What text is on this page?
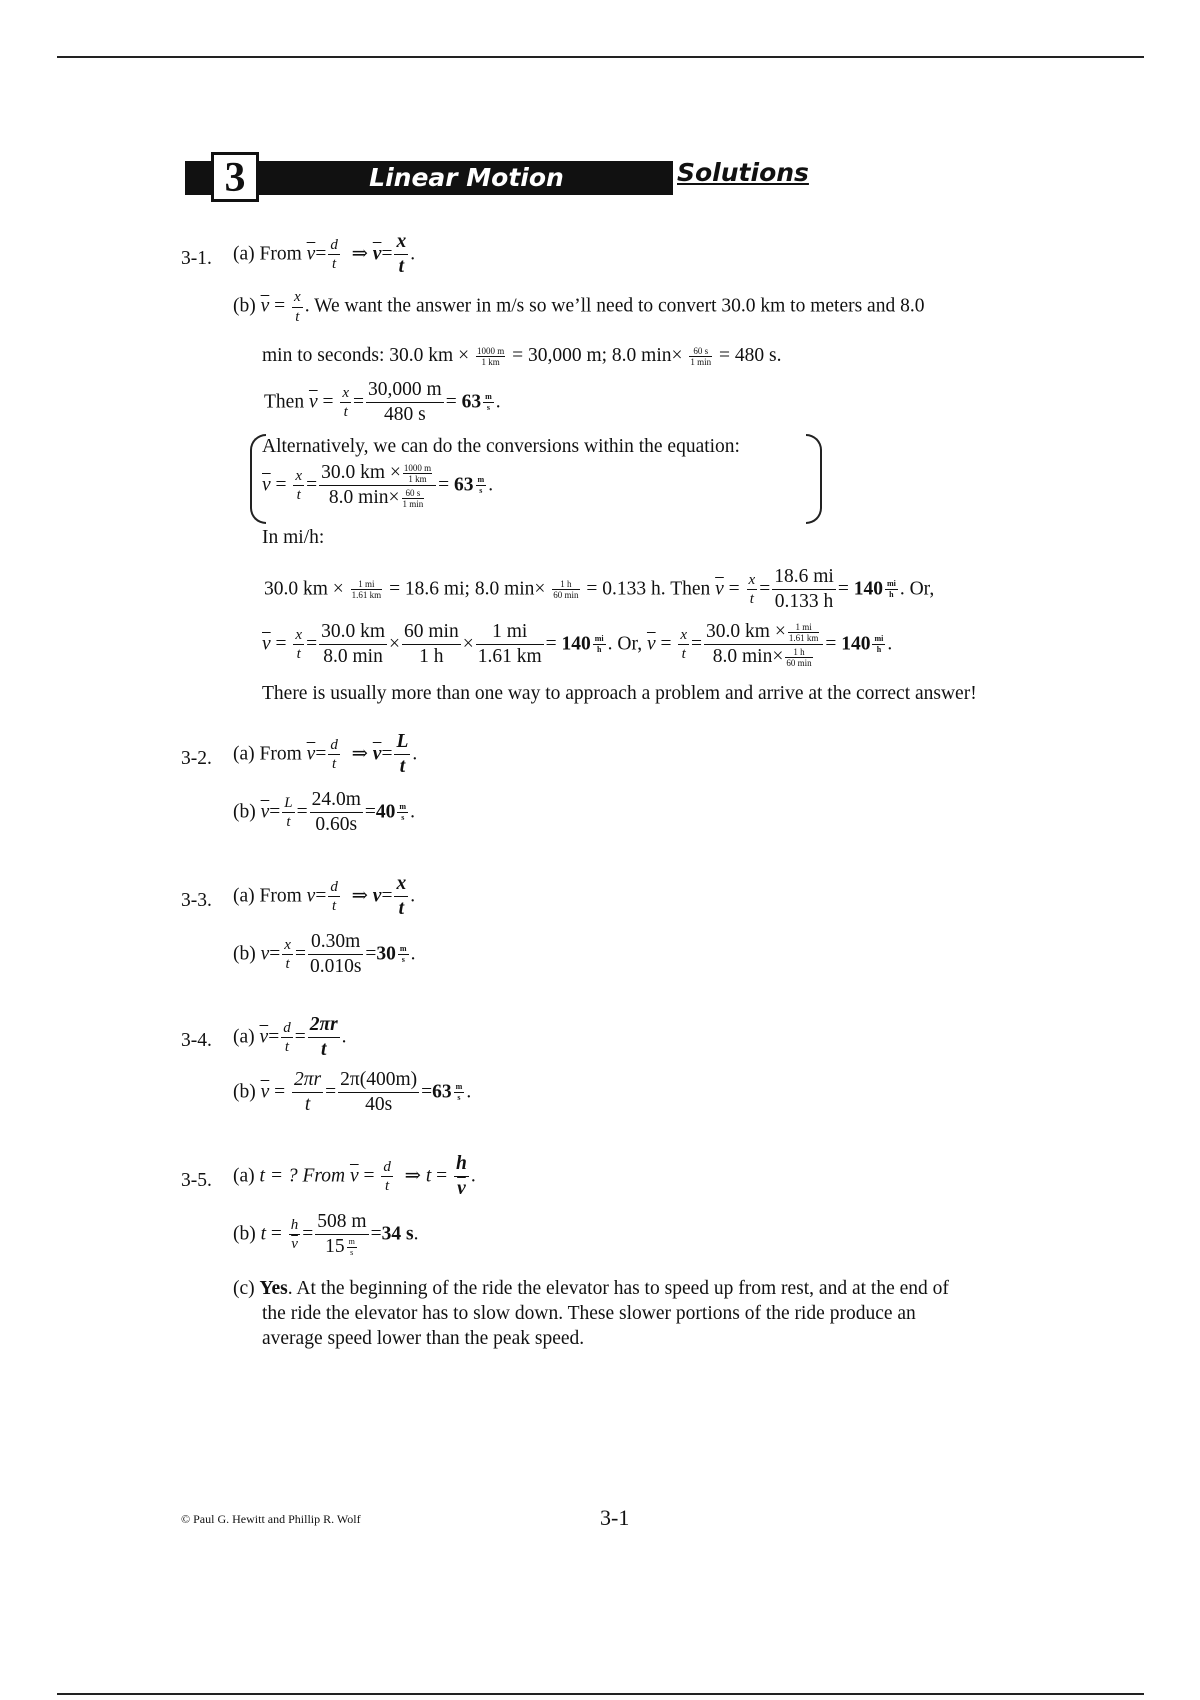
3	Linear Motion	Solutions
3-1. (a) From $\overline{v}= \frac{d}{t}$ ⇒ $\overline{v}= \frac{x}{t}$ .
(b) $\overline{v} = \frac{x}{t}$ . We want the answer in m/s so we’ll need to convert 30.0 km to meters and 8.0
min to seconds: 30.0 km × $\frac{1000 m}{1 km} = 30,000$ m; 8.0 $\min\times \frac{60 s}{1 \min} = 480$ s.
Then $\overline{v} = \frac{x}{t} = \frac{30,000 m}{480 s} = 63 \frac{m}{s}$ .
Alternatively, we can do the conversions within the equation:
$\overline{v} = \frac{x}{t} = \frac{30.0 km \times \frac{1000 m}{1 km}}{8.0 \min\times \frac{60 s}{1 \min}} = 63 \frac{m}{s}$ .
In mi/h:
30.0 km × $\frac{1 mi}{1.61 km} = 18.6$ mi; 8.0 $\min\times \frac{1 h}{60 \min} = 0.133$ h. Then $\overline{v} = \frac{x}{t} = \frac{18.6 mi}{0.133 h} = 140 \frac{mi}{h}$ . Or,
$\overline{v} = \frac{x}{t} = \frac{30.0 km}{8.0 \min} \times \frac{60 \min}{1 h} \times \frac{1 mi}{1.61 km} = 140 \frac{mi}{h}$ . Or, $\overline{v} = \frac{x}{t} = \frac{30.0 km \times \frac{1 mi}{1.61 km}}{8.0 \min\times \frac{1 h}{60 \min}} = 140 \frac{mi}{h}$ .
There is usually more than one way to approach a problem and arrive at the correct answer!
3-2. (a) From $\overline{v}= \frac{d}{t}$ ⇒ $\overline{v}= \frac{L}{t}$ .
(b) $\overline{v}= \frac{L}{t} = \frac{24.0m}{0.60s} =40 \frac{m}{s}$ .
3-3. (a) From $v= \frac{d}{t}$ ⇒ $v= \frac{x}{t}$ .
(b) $v= \frac{x}{t} = \frac{0.30m}{0.010s} =30 \frac{m}{s}$ .
3-4. (a) $\overline{v}= \frac{d}{t} = \frac{2\pi r}{t}$ .
(b) $\overline{v} = \frac{2\pi r}{t} = \frac{2\pi(400m)}{40s} =63 \frac{m}{s}$ .
3-5. (a) t = ? From $\overline{v} = \frac{d}{t}$ ⇒ $t = \frac{h}{v}$ .
(b) $t = \frac{h}{v} = \frac{508 m}{15 \frac{m}{s}} =34$ s.
(c) Yes. At the beginning of the ride the elevator has to speed up from rest, and at the end of
the ride the elevator has to slow down. These slower portions of the ride produce an
average speed lower than the peak speed.
© Paul G. Hewitt and Phillip R. Wolf	3-1
